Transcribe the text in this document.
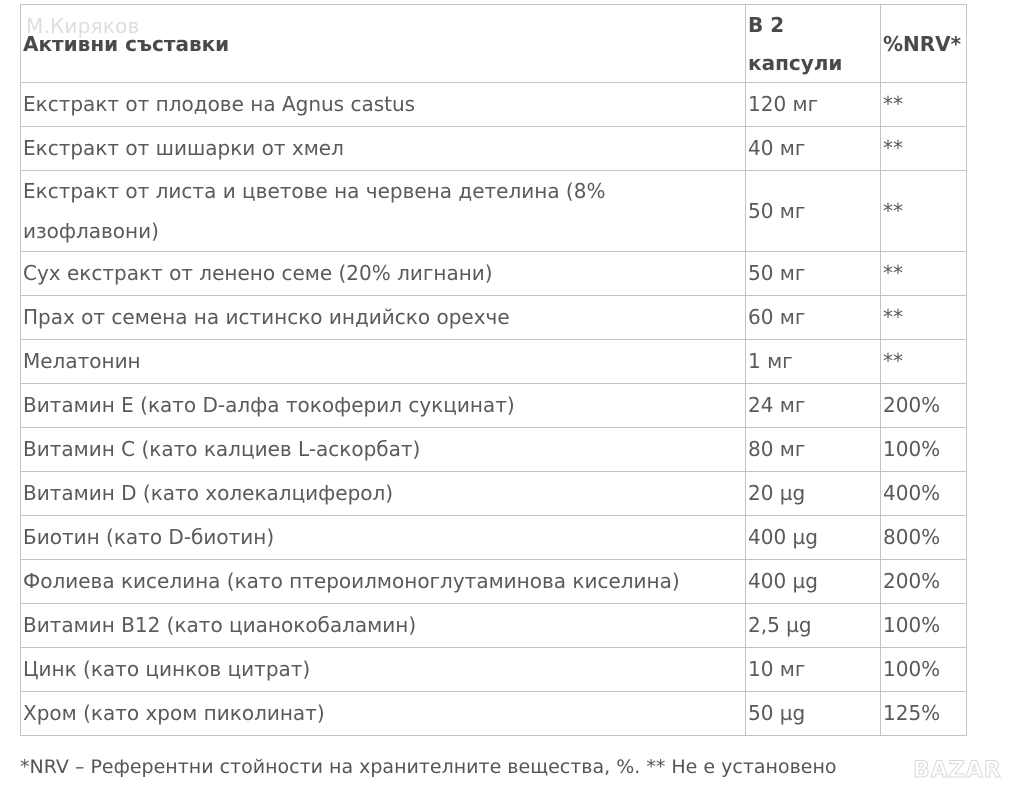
М.Киряков
Активни съставки	В 2 капсули	%NRV*
Екстракт от плодове на Agnus castus	120 мг	**
Екстракт от шишарки от хмел	40 мг	**
Екстракт от листа и цветове на червена детелина (8% изофлавони)	50 мг	**
Сух екстракт от ленено семе (20% лигнани)	50 мг	**
Прах от семена на истинско индийско орехче	60 мг	**
Мелатонин	1 мг	**
Витамин E (като D-алфа токоферил сукцинат)	24 мг	200%
Витамин C (като калциев L-аскорбат)	80 мг	100%
Витамин D (като холекалциферол)	20 µg	400%
Биотин (като D-биотин)	400 µg	800%
Фолиева киселина (като птероилмоноглутаминова киселина)	400 µg	200%
Витамин B12 (като цианокобаламин)	2,5 µg	100%
Цинк (като цинков цитрат)	10 мг	100%
Хром (като хром пиколинат)	50 µg	125%
*NRV – Референтни стойности на хранителните вещества, %. ** Не е установено	BAZAR
